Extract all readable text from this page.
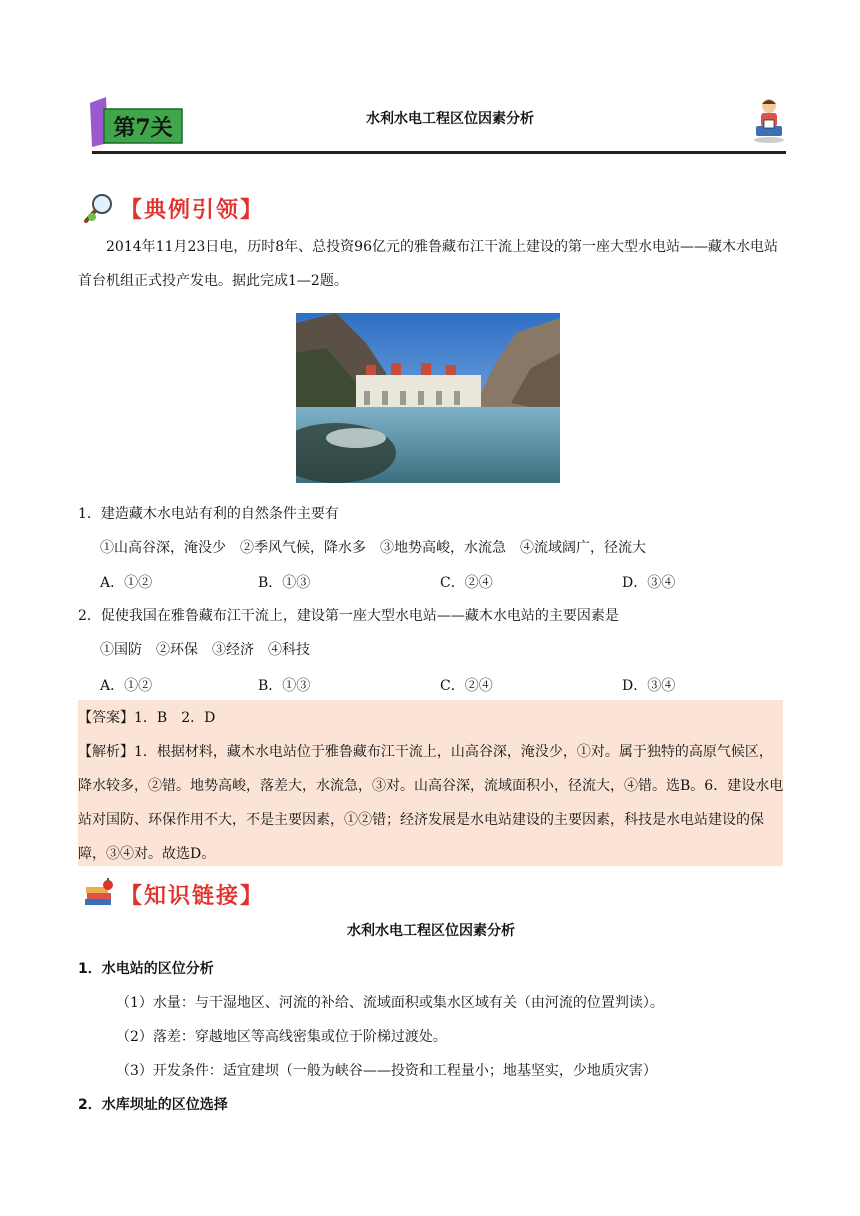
第7关	水利水电工程区位因素分析
【典例引领】
2014年11月23日电，历时8年、总投资96亿元的雅鲁藏布江干流上建设的第一座大型水电站——藏木水电站首台机组正式投产发电。据此完成1—2题。
1．建造藏木水电站有利的自然条件主要有
①山高谷深，淹没少　②季风气候，降水多　③地势高峻，水流急　④流域阔广，径流大
A．①②	B．①③	C．②④	D．③④
2．促使我国在雅鲁藏布江干流上，建设第一座大型水电站——藏木水电站的主要因素是
①国防　②环保　③经济　④科技
A．①②	B．①③	C．②④	D．③④
【答案】1．B　2．D
【解析】1．根据材料，藏木水电站位于雅鲁藏布江干流上，山高谷深，淹没少，①对。属于独特的高原气候区，降水较多，②错。地势高峻，落差大，水流急，③对。山高谷深，流域面积小，径流大，④错。选B。6．建设水电站对国防、环保作用不大，不是主要因素，①②错；经济发展是水电站建设的主要因素，科技是水电站建设的保障，③④对。故选D。
【知识链接】
水利水电工程区位因素分析
1．水电站的区位分析
（1）水量：与干湿地区、河流的补给、流域面积或集水区域有关（由河流的位置判读）。
（2）落差：穿越地区等高线密集或位于阶梯过渡处。
（3）开发条件：适宜建坝（一般为峡谷——投资和工程量小；地基坚实，少地质灾害）
2．水库坝址的区位选择
